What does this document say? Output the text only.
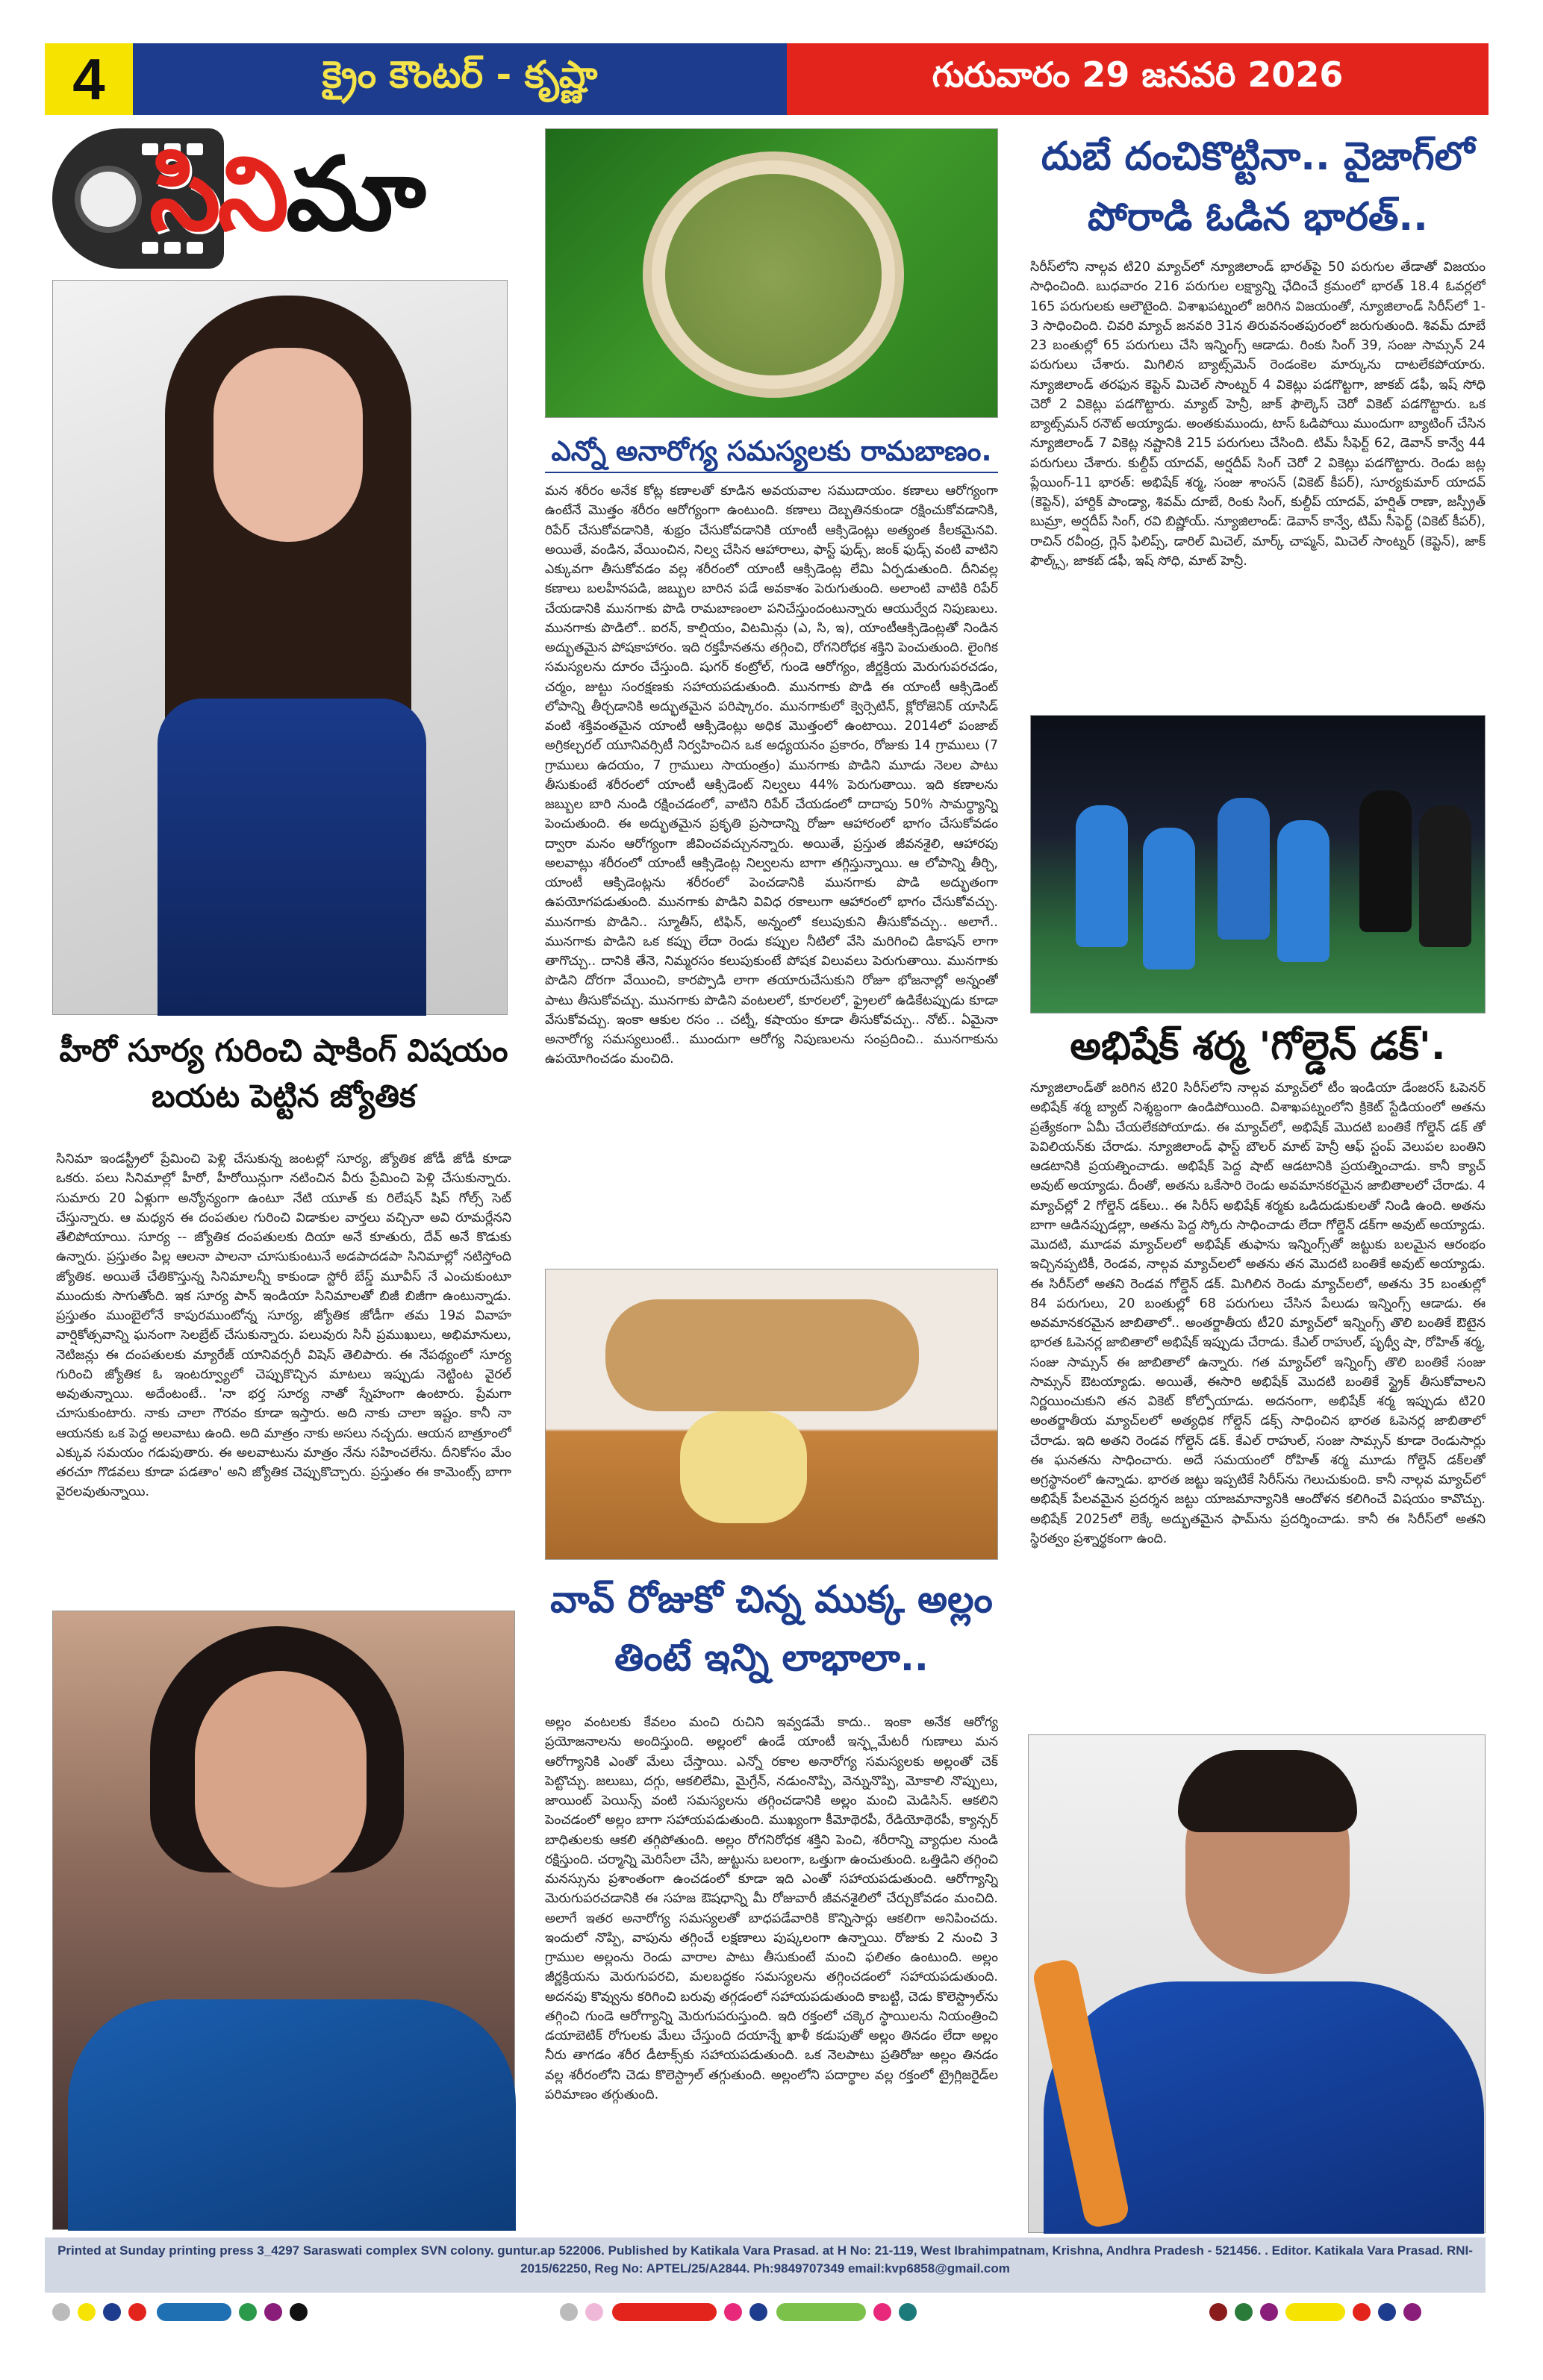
4	క్రైం కౌంటర్ - కృష్ణా	గురువారం 29 జనవరి 2026
సినిమా
హీరో సూర్య గురించి షాకింగ్ విషయం బయట పెట్టిన జ్యోతిక
సినిమా ఇండస్ట్రీలో ప్రేమించి పెళ్లి చేసుకున్న జంటల్లో సూర్య, జ్యోతిక జోడీ జోడీ కూడా ఒకరు. పలు సినిమాల్లో హీరో, హీరోయిన్లుగా నటించిన వీరు ప్రేమించి పెళ్లి చేసుకున్నారు. సుమారు 20 ఏళ్లుగా అన్యోన్యంగా ఉంటూ నేటి యూత్ కు రిలేషన్ షిప్ గోల్స్ సెట్ చేస్తున్నారు. ఆ మధ్యన ఈ దంపతుల గురించి విడాకుల వార్తలు వచ్చినా అవి రూమర్లేనని తేలిపోయాయి. సూర్య -- జ్యోతిక దంపతులకు దియా అనే కూతురు, దేవ్ అనే కొడుకు ఉన్నారు. ప్రస్తుతం పిల్ల ఆలనా పాలనా చూసుకుంటునే అడపాదడపా సినిమాల్లో నటిస్తోంది జ్యోతిక. అయితే చేతికొస్తున్న సినిమాలన్నీ కాకుండా స్టోరీ బేస్డ్ మూవీస్ నే ఎంచుకుంటూ ముందుకు సాగుతోంది. ఇక సూర్య పాన్ ఇండియా సినిమాలతో బిజీ బిజీగా ఉంటున్నాడు. ప్రస్తుతం ముంబైలోనే కాపురముంటోన్న సూర్య, జ్యోతిక జోడీగా తమ 19వ వివాహ వార్షికోత్సవాన్ని ఘనంగా సెలబ్రేట్ చేసుకున్నారు. పలువురు సినీ ప్రముఖులు, అభిమానులు, నెటిజన్లు ఈ దంపతులకు మ్యారేజ్ యానివర్సరీ విషెస్ తెలిపారు. ఈ నేపథ్యంలో సూర్య గురించి జ్యోతిక ఓ ఇంటర్వ్యూలో చెప్పుకొచ్చిన మాటలు ఇప్పుడు నెట్టింట వైరల్ అవుతున్నాయి. అదేంటంటే.. 'నా భర్త సూర్య నాతో స్నేహంగా ఉంటారు. ప్రేమగా చూసుకుంటారు. నాకు చాలా గౌరవం కూడా ఇస్తారు. అది నాకు చాలా ఇష్టం. కానీ నా ఆయనకు ఒక పెద్ద అలవాటు ఉంది. అది మాత్రం నాకు అసలు నచ్చదు. ఆయన బాత్రూంలో ఎక్కువ సమయం గడుపుతారు. ఈ అలవాటును మాత్రం నేను సహించలేను. దీనికోసం మేం తరచూ గొడవలు కూడా పడతాం' అని జ్యోతిక చెప్పుకొచ్చారు. ప్రస్తుతం ఈ కామెంట్స్ బాగా వైరలవుతున్నాయి.
ఎన్నో అనారోగ్య సమస్యలకు రామబాణం.
మన శరీరం అనేక కోట్ల కణాలతో కూడిన అవయవాల సముదాయం. కణాలు ఆరోగ్యంగా ఉంటేనే మొత్తం శరీరం ఆరోగ్యంగా ఉంటుంది. కణాలు దెబ్బతినకుండా రక్షించుకోవడానికి, రిపేర్ చేసుకోవడానికి, శుభ్రం చేసుకోవడానికి యాంటీ ఆక్సిడెంట్లు అత్యంత కీలకమైనవి. అయితే, వండిన, వేయించిన, నిల్వ చేసిన ఆహారాలు, ఫాస్ట్ ఫుడ్స్, జంక్ ఫుడ్స్ వంటి వాటిని ఎక్కువగా తీసుకోవడం వల్ల శరీరంలో యాంటీ ఆక్సిడెంట్ల లేమి ఏర్పడుతుంది. దీనివల్ల కణాలు బలహీనపడి, జబ్బుల బారిన పడే అవకాశం పెరుగుతుంది. అలాంటి వాటికి రిపేర్ చేయడానికి మునగాకు పొడి రామబాణంలా పనిచేస్తుందంటున్నారు ఆయుర్వేద నిపుణులు. మునగాకు పొడిలో.. ఐరన్, కాల్షియం, విటమిన్లు (ఎ, సి, ఇ), యాంటీఆక్సిడెంట్లతో నిండిన అద్భుతమైన పోషకాహారం. ఇది రక్తహీనతను తగ్గించి, రోగనిరోధక శక్తిని పెంచుతుంది. లైంగిక సమస్యలను దూరం చేస్తుంది. షుగర్ కంట్రోల్, గుండె ఆరోగ్యం, జీర్ణక్రియ మెరుగుపరచడం, చర్మం, జుట్టు సంరక్షణకు సహాయపడుతుంది. మునగాకు పొడి ఈ యాంటీ ఆక్సిడెంట్ లోపాన్ని తీర్చడానికి అద్భుతమైన పరిష్కారం. మునగాకులో క్వెర్సెటిన్, క్లోరోజెనిక్ యాసిడ్ వంటి శక్తివంతమైన యాంటీ ఆక్సిడెంట్లు అధిక మొత్తంలో ఉంటాయి. 2014లో పంజాబ్ అగ్రికల్చరల్ యూనివర్సిటీ నిర్వహించిన ఒక అధ్యయనం ప్రకారం, రోజుకు 14 గ్రాములు (7 గ్రాములు ఉదయం, 7 గ్రాములు సాయంత్రం) మునగాకు పొడిని మూడు నెలల పాటు తీసుకుంటే శరీరంలో యాంటీ ఆక్సిడెంట్ నిల్వలు 44% పెరుగుతాయి. ఇది కణాలను జబ్బుల బారి నుండి రక్షించడంలో, వాటిని రిపేర్ చేయడంలో దాదాపు 50% సామర్థ్యాన్ని పెంచుతుంది. ఈ అద్భుతమైన ప్రకృతి ప్రసాదాన్ని రోజూ ఆహారంలో భాగం చేసుకోవడం ద్వారా మనం ఆరోగ్యంగా జీవించవచ్చునన్నారు. అయితే, ప్రస్తుత జీవనశైలి, ఆహారపు అలవాట్లు శరీరంలో యాంటీ ఆక్సిడెంట్ల నిల్వలను బాగా తగ్గిస్తున్నాయి. ఆ లోపాన్ని తీర్చి, యాంటీ ఆక్సిడెంట్లను శరీరంలో పెంచడానికి మునగాకు పొడి అద్భుతంగా ఉపయోగపడుతుంది. మునగాకు పొడిని వివిధ రకాలుగా ఆహారంలో భాగం చేసుకోవచ్చు. మునగాకు పొడిని.. స్మూతీస్, టిఫిన్, అన్నంలో కలుపుకుని తీసుకోవచ్చు.. అలాగే.. మునగాకు పొడిని ఒక కప్పు లేదా రెండు కప్పుల నీటిలో వేసి మరిగించి డికాషన్ లాగా తాగొచ్చు.. దానికి తేనె, నిమ్మరసం కలుపుకుంటే పోషక విలువలు పెరుగుతాయి. మునగాకు పొడిని దోరగా వేయించి, కారప్పొడి లాగా తయారుచేసుకుని రోజూ భోజనాల్లో అన్నంతో పాటు తీసుకోవచ్చు. మునగాకు పొడిని వంటలలో, కూరలలో, ఫ్రైలలో ఉడికేటప్పుడు కూడా వేసుకోవచ్చు. ఇంకా ఆకుల రసం .. చట్నీ, కషాయం కూడా తీసుకోవచ్చు.. నోట్.. ఏమైనా అనారోగ్య సమస్యలుంటే.. ముందుగా ఆరోగ్య నిపుణులను సంప్రదించి.. మునగాకును ఉపయోగించడం మంచిది.
వావ్ రోజుకో చిన్న ముక్క అల్లం తింటే ఇన్ని లాభాలా..
అల్లం వంటలకు కేవలం మంచి రుచిని ఇవ్వడమే కాదు.. ఇంకా అనేక ఆరోగ్య ప్రయోజనాలను అందిస్తుంది. అల్లంలో ఉండే యాంటీ ఇన్ఫ్లమేటరీ గుణాలు మన ఆరోగ్యానికి ఎంతో మేలు చేస్తాయి. ఎన్నో రకాల అనారోగ్య సమస్యలకు అల్లంతో చెక్ పెట్టొచ్చు. జలుబు, దగ్గు, ఆకలిలేమి, మైగ్రేన్, నడుంనొప్పి, వెన్నునొప్పి, మోకాలి నొప్పులు, జాయింట్ పెయిన్స్ వంటి సమస్యలను తగ్గించడానికి అల్లం మంచి మెడిసిన్. ఆకలిని పెంచడంలో అల్లం బాగా సహాయపడుతుంది. ముఖ్యంగా కీమోథెరపీ, రేడియోథెరపీ, క్యాన్సర్ బాధితులకు ఆకలి తగ్గిపోతుంది. అల్లం రోగనిరోధక శక్తిని పెంచి, శరీరాన్ని వ్యాధుల నుండి రక్షిస్తుంది. చర్మాన్ని మెరిసేలా చేసి, జుట్టును బలంగా, ఒత్తుగా ఉంచుతుంది. ఒత్తిడిని తగ్గించి మనస్సును ప్రశాంతంగా ఉంచడంలో కూడా ఇది ఎంతో సహాయపడుతుంది. ఆరోగ్యాన్ని మెరుగుపరచడానికి ఈ సహజ ఔషధాన్ని మీ రోజువారీ జీవనశైలిలో చేర్చుకోవడం మంచిది. అలాగే ఇతర అనారోగ్య సమస్యలతో బాధపడేవారికి కొన్నిసార్లు ఆకలిగా అనిపించదు. ఇందులో నొప్పి, వాపును తగ్గించే లక్షణాలు పుష్కలంగా ఉన్నాయి. రోజుకు 2 నుంచి 3 గ్రాముల అల్లంను రెండు వారాల పాటు తీసుకుంటే మంచి ఫలితం ఉంటుంది. అల్లం జీర్ణక్రియను మెరుగుపరచి, మలబద్ధకం సమస్యలను తగ్గించడంలో సహాయపడుతుంది. అదనపు కొవ్వును కరిగించి బరువు తగ్గడంలో సహాయపడుతుంది కాబట్టి, చెడు కొలెస్ట్రాల్‌ను తగ్గించి గుండె ఆరోగ్యాన్ని మెరుగుపరుస్తుంది. ఇది రక్తంలో చక్కెర స్థాయిలను నియంత్రించి డయాబెటిక్ రోగులకు మేలు చేస్తుంది దయాన్నే ఖాళీ కడుపుతో అల్లం తినడం లేదా అల్లం నీరు తాగడం శరీర డీటాక్స్‌కు సహాయపడుతుంది. ఒక నెలపాటు ప్రతిరోజు అల్లం తినడం వల్ల శరీరంలోని చెడు కొలెస్ట్రాల్ తగ్గుతుంది. అల్లంలోని పదార్థాల వల్ల రక్తంలో ట్రైగ్లిజరైడ్‌ల పరిమాణం తగ్గుతుంది.
దుబే దంచికొట్టినా.. వైజాగ్‌లో పోరాడి ఓడిన భారత్..
సిరీస్‌లోని నాల్గవ టి20 మ్యాచ్‌లో న్యూజిలాండ్ భారత్‌పై 50 పరుగుల తేడాతో విజయం సాధించింది. బుధవారం 216 పరుగుల లక్ష్యాన్ని ఛేదించే క్రమంలో భారత్ 18.4 ఓవర్లలో 165 పరుగులకు ఆలౌటైంది. విశాఖపట్నంలో జరిగిన విజయంతో, న్యూజిలాండ్ సిరీస్‌లో 1-3 సాధించింది. చివరి మ్యాచ్ జనవరి 31న తిరువనంతపురంలో జరుగుతుంది. శివమ్ దూబే 23 బంతుల్లో 65 పరుగులు చేసి ఇన్నింగ్స్ ఆడాడు. రింకు సింగ్ 39, సంజు సామ్సన్ 24 పరుగులు చేశారు. మిగిలిన బ్యాట్స్‌మెన్ రెండంకెల మార్కును దాటలేకపోయారు. న్యూజిలాండ్ తరఫున కెప్టెన్ మిచెల్ సాంట్నర్ 4 వికెట్లు పడగొట్టగా, జాకబ్ డఫీ, ఇష్ సోధి చెరో 2 వికెట్లు పడగొట్టారు. మ్యాట్ హెన్రీ, జాక్ ఫౌల్కెస్ చెరో వికెట్ పడగొట్టారు. ఒక బ్యాట్స్‌మన్ రనౌట్ అయ్యాడు. అంతకుముందు, టాస్ ఓడిపోయి ముందుగా బ్యాటింగ్ చేసిన న్యూజిలాండ్ 7 వికెట్ల నష్టానికి 215 పరుగులు చేసింది. టిమ్ సీఫెర్ట్ 62, డెవాన్ కాన్వే 44 పరుగులు చేశారు. కుల్దీప్ యాదవ్, అర్షదీప్ సింగ్ చెరో 2 వికెట్లు పడగొట్టారు. రెండు జట్ల ప్లేయింగ్-11 భారత్: అభిషేక్ శర్మ, సంజు శాంసన్ (వికెట్ కీపర్), సూర్యకుమార్ యాదవ్ (కెప్టెన్), హార్దిక్ పాండ్యా, శివమ్ దూబే, రింకు సింగ్, కుల్దీప్ యాదవ్, హర్షిత్ రాణా, జస్ప్రీత్ బుమ్రా, అర్షదీప్ సింగ్, రవి బిష్ణోయ్. న్యూజిలాండ్: డెవాన్ కాన్వే, టిమ్ సీఫెర్ట్ (వికెట్ కీపర్), రాచిన్ రవీంద్ర, గ్లెన్ ఫిలిప్స్, డారిల్ మిచెల్, మార్క్ చాప్మన్, మిచెల్ సాంట్నర్ (కెప్టెన్), జాక్ ఫౌల్క్స్, జాకబ్ డఫీ, ఇష్ సోధి, మాట్ హెన్రీ.
అభిషేక్ శర్మ 'గోల్డెన్ డక్'.
న్యూజిలాండ్‌తో జరిగిన టి20 సిరీస్‌లోని నాల్గవ మ్యాచ్‌లో టీం ఇండియా డేంజరస్ ఓపెనర్ అభిషేక్ శర్మ బ్యాట్ నిశ్శబ్దంగా ఉండిపోయింది. విశాఖపట్నంలోని క్రికెట్ స్టేడియంలో అతను ప్రత్యేకంగా ఏమీ చేయలేకపోయాడు. ఈ మ్యాచ్‌లో, అభిషేక్ మొదటి బంతికే గోల్డెన్ డక్ తో పెవిలియన్‌కు చేరాడు. న్యూజిలాండ్ ఫాస్ట్ బౌలర్ మాట్ హెన్రీ ఆఫ్ స్టంప్ వెలుపల బంతిని ఆడటానికి ప్రయత్నించాడు. అభిషేక్ పెద్ద షాట్ ఆడటానికి ప్రయత్నించాడు. కానీ క్యాచ్ అవుట్ అయ్యాడు. దీంతో, అతను ఒకేసారి రెండు అవమానకరమైన జాబితాలలో చేరాడు. 4 మ్యాచ్‌ల్లో 2 గోల్డెన్ డక్‌లు.. ఈ సిరీస్ అభిషేక్ శర్మకు ఒడిదుడుకులతో నిండి ఉంది. అతను బాగా ఆడినప్పుడల్లా, అతను పెద్ద స్కోరు సాధించాడు లేదా గోల్డెన్ డక్‌గా అవుట్ అయ్యాడు. మొదటి, మూడవ మ్యాచ్‌లలో అభిషేక్ తుఫాను ఇన్నింగ్స్‌తో జట్టుకు బలమైన ఆరంభం ఇచ్చినప్పటికీ, రెండవ, నాల్గవ మ్యాచ్‌లలో అతను తన మొదటి బంతికే అవుట్ అయ్యాడు. ఈ సిరీస్‌లో అతని రెండవ గోల్డెన్ డక్. మిగిలిన రెండు మ్యాచ్‌లలో, అతను 35 బంతుల్లో 84 పరుగులు, 20 బంతుల్లో 68 పరుగులు చేసిన పేలుడు ఇన్నింగ్స్ ఆడాడు. ఈ అవమానకరమైన జాబితాలో.. అంతర్జాతీయ టీ20 మ్యాచ్‌లో ఇన్నింగ్స్ తొలి బంతికే ఔటైన భారత ఓపెనర్ల జాబితాలో అభిషేక్ ఇప్పుడు చేరాడు. కేఎల్ రాహుల్, పృథ్వీ షా, రోహిత్ శర్మ, సంజు సామ్సన్ ఈ జాబితాలో ఉన్నారు. గత మ్యాచ్‌లో ఇన్నింగ్స్ తొలి బంతికే సంజు సామ్సన్ ఔటయ్యాడు. అయితే, ఈసారి అభిషేక్ మొదటి బంతికే స్ట్రైక్ తీసుకోవాలని నిర్ణయించుకుని తన వికెట్ కోల్పోయాడు. అదనంగా, అభిషేక్ శర్మ ఇప్పుడు టి20 అంతర్జాతీయ మ్యాచ్‌లలో అత్యధిక గోల్డెన్ డక్స్ సాధించిన భారత ఓపెనర్ల జాబితాలో చేరాడు. ఇది అతని రెండవ గోల్డెన్ డక్. కేఎల్ రాహుల్, సంజు సామ్సన్ కూడా రెండుసార్లు ఈ ఘనతను సాధించారు. అదే సమయంలో రోహిత్ శర్మ మూడు గోల్డెన్ డక్‌లతో అగ్రస్థానంలో ఉన్నాడు. భారత జట్టు ఇప్పటికే సిరీస్‌ను గెలుచుకుంది. కానీ నాల్గవ మ్యాచ్‌లో అభిషేక్ పేలవమైన ప్రదర్శన జట్టు యాజమాన్యానికి ఆందోళన కలిగించే విషయం కావొచ్చు. అభిషేక్ 2025లో లెక్కే అద్భుతమైన ఫామ్‌ను ప్రదర్శించాడు. కానీ ఈ సిరీస్‌లో అతని స్థిరత్వం ప్రశ్నార్థకంగా ఉంది.
Printed at Sunday printing press 3_4297 Saraswati complex SVN colony. guntur.ap 522006. Published by Katikala Vara Prasad. at H No: 21-119, West Ibrahimpatnam, Krishna, Andhra Pradesh - 521456. . Editor. Katikala Vara Prasad. RNI- 2015/62250, Reg No: APTEL/25/A2844. Ph:9849707349 email:kvp6858@gmail.com
